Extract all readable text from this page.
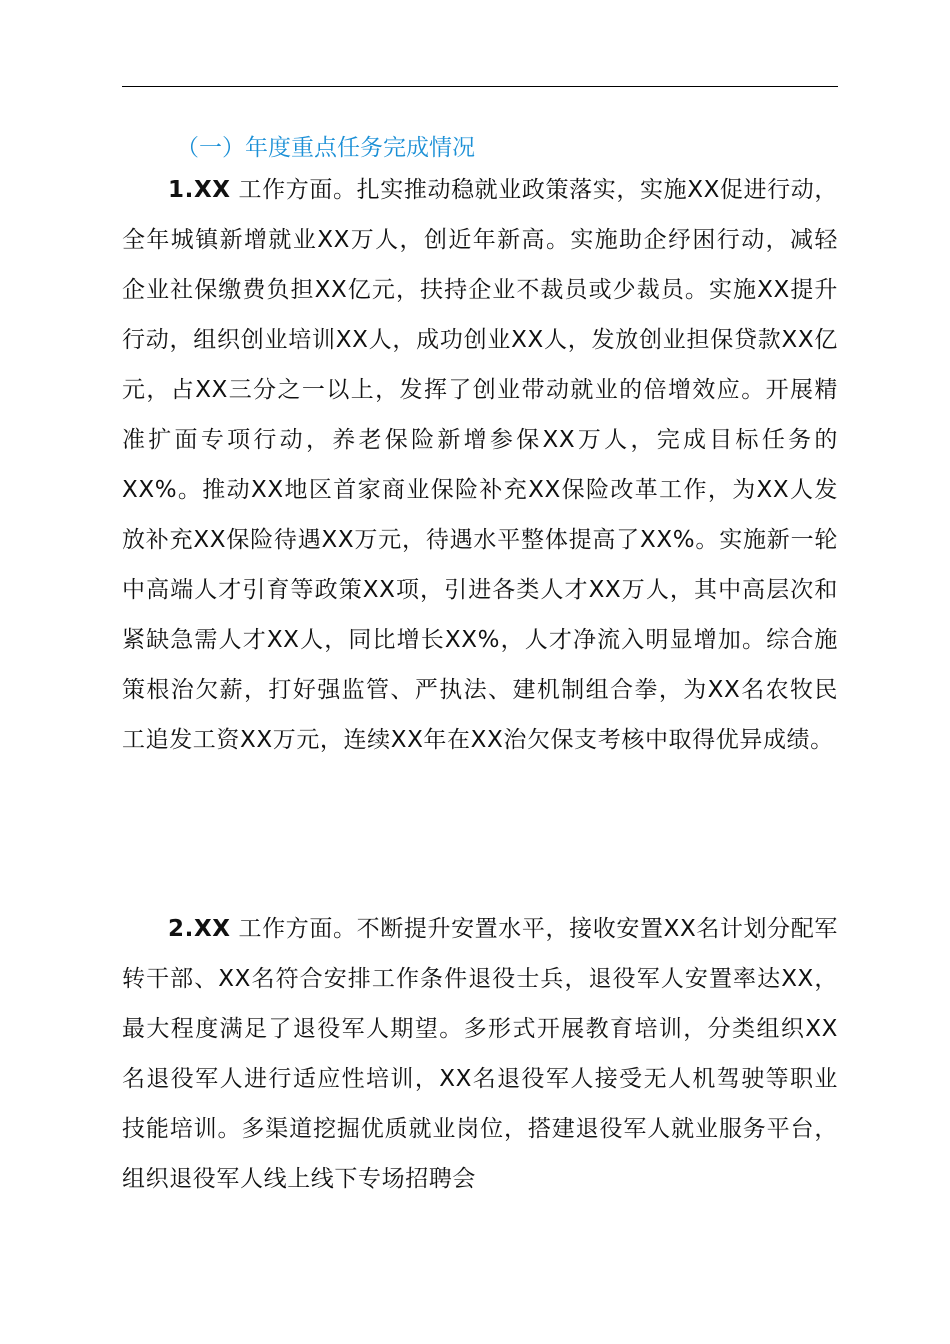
（一）年度重点任务完成情况

1.XX 工作方面。扎实推动稳就业政策落实，实施XX促进行动，全年城镇新增就业XX万人，创近年新高。实施助企纾困行动，减轻企业社保缴费负担XX亿元，扶持企业不裁员或少裁员。实施XX提升行动，组织创业培训XX人，成功创业XX人，发放创业担保贷款XX亿元，占XX三分之一以上，发挥了创业带动就业的倍增效应。开展精准扩面专项行动，养老保险新增参保XX万人，完成目标任务的XX%。推动XX地区首家商业保险补充XX保险改革工作，为XX人发放补充XX保险待遇XX万元，待遇水平整体提高了XX%。实施新一轮中高端人才引育等政策XX项，引进各类人才XX万人，其中高层次和紧缺急需人才XX人，同比增长XX%，人才净流入明显增加。综合施策根治欠薪，打好强监管、严执法、建机制组合拳，为XX名农牧民工追发工资XX万元，连续XX年在XX治欠保支考核中取得优异成绩。

2.XX 工作方面。不断提升安置水平，接收安置XX名计划分配军转干部、XX名符合安排工作条件退役士兵，退役军人安置率达XX，最大程度满足了退役军人期望。多形式开展教育培训，分类组织XX名退役军人进行适应性培训，XX名退役军人接受无人机驾驶等职业技能培训。多渠道挖掘优质就业岗位，搭建退役军人就业服务平台，组织退役军人线上线下专场招聘会
